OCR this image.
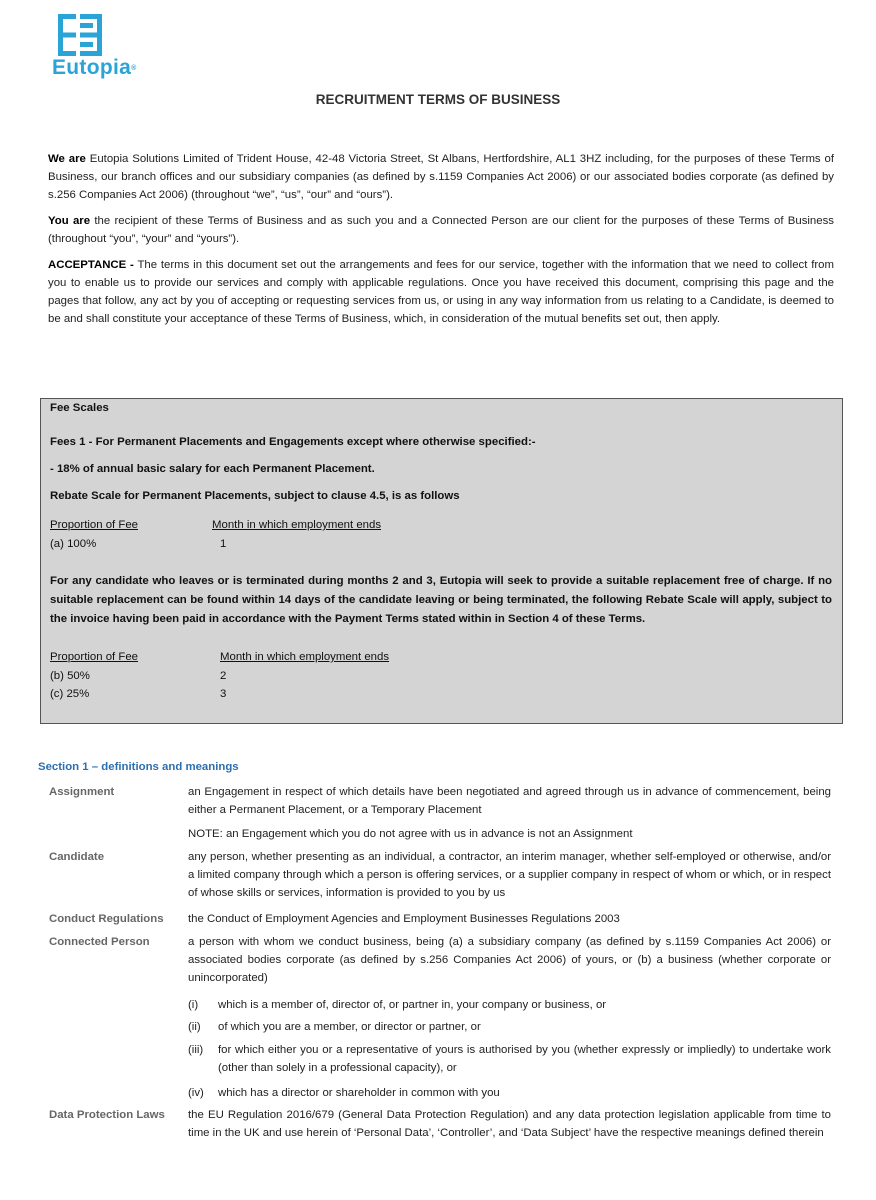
Eutopia®
RECRUITMENT TERMS OF BUSINESS

We are Eutopia Solutions Limited of Trident House, 42-48 Victoria Street, St Albans, Hertfordshire, AL1 3HZ including, for the purposes of these Terms of Business, our branch offices and our subsidiary companies (as defined by s.1159 Companies Act 2006) or our associated bodies corporate (as defined by s.256 Companies Act 2006) (throughout “we”, “us”, “our” and “ours”).

You are the recipient of these Terms of Business and as such you and a Connected Person are our client for the purposes of these Terms of Business (throughout “you”, “your” and “yours”).

ACCEPTANCE - The terms in this document set out the arrangements and fees for our service, together with the information that we need to collect from you to enable us to provide our services and comply with applicable regulations. Once you have received this document, comprising this page and the pages that follow, any act by you of accepting or requesting services from us, or using in any way information from us relating to a Candidate, is deemed to be and shall constitute your acceptance of these Terms of Business, which, in consideration of the mutual benefits set out, then apply.

Fee Scales
Fees 1 - For Permanent Placements and Engagements except where otherwise specified:-
- 18% of annual basic salary for each Permanent Placement.
Rebate Scale for Permanent Placements, subject to clause 4.5, is as follows
Proportion of Fee	Month in which employment ends
(a) 100%	1
For any candidate who leaves or is terminated during months 2 and 3, Eutopia will seek to provide a suitable replacement free of charge. If no suitable replacement can be found within 14 days of the candidate leaving or being terminated, the following Rebate Scale will apply, subject to the invoice having been paid in accordance with the Payment Terms stated within in Section 4 of these Terms.
Proportion of Fee	Month in which employment ends
(b) 50%	2
(c) 25%	3
Section 1 – definitions and meanings
Assignment	an Engagement in respect of which details have been negotiated and agreed through us in advance of commencement, being either a Permanent Placement, or a Temporary Placement
NOTE: an Engagement which you do not agree with us in advance is not an Assignment
Candidate	any person, whether presenting as an individual, a contractor, an interim manager, whether self-employed or otherwise, and/or a limited company through which a person is offering services, or a supplier company in respect of whom or which, or in respect of whose skills or services, information is provided to you by us
Conduct Regulations	the Conduct of Employment Agencies and Employment Businesses Regulations 2003
Connected Person	a person with whom we conduct business, being (a) a subsidiary company (as defined by s.1159 Companies Act 2006) or associated bodies corporate (as defined by s.256 Companies Act 2006) of yours, or (b) a business (whether corporate or unincorporated)
(i)	which is a member of, director of, or partner in, your company or business, or
(ii)	of which you are a member, or director or partner, or
(iii)	for which either you or a representative of yours is authorised by you (whether expressly or impliedly) to undertake work (other than solely in a professional capacity), or
(iv)	which has a director or shareholder in common with you
Data Protection Laws	the EU Regulation 2016/679 (General Data Protection Regulation) and any data protection legislation applicable from time to time in the UK and use herein of ‘Personal Data’, ‘Controller’, and ‘Data Subject’ have the respective meanings defined therein
